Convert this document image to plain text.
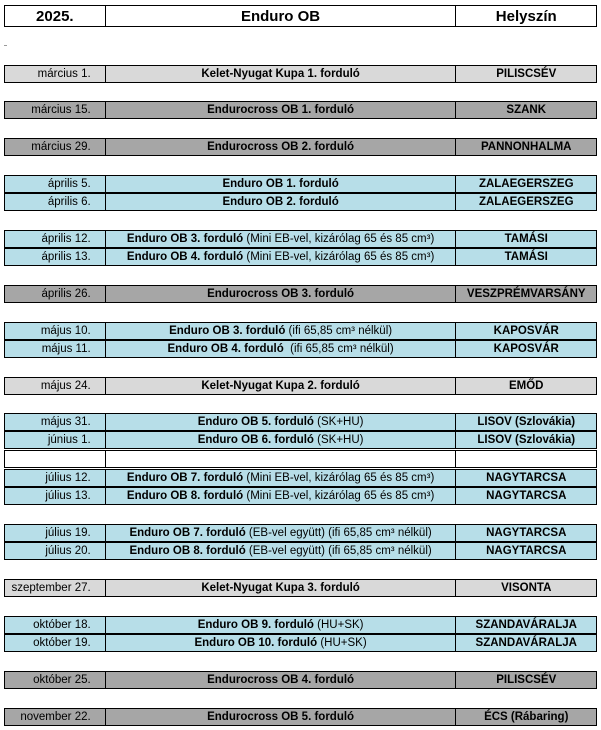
2025.	Enduro OB	Helyszín
március 1.	Kelet-Nyugat Kupa 1. forduló	PILISCSÉV
március 15.	Endurocross OB 1. forduló	SZANK
március 29.	Endurocross OB 2. forduló	PANNONHALMA
április 5.	Enduro OB 1. forduló	ZALAEGERSZEG
április 6.	Enduro OB 2. forduló	ZALAEGERSZEG
április 12.	Enduro OB 3. forduló (Mini EB-vel, kizárólag 65 és 85 cm³)	TAMÁSI
április 13.	Enduro OB 4. forduló (Mini EB-vel, kizárólag 65 és 85 cm³)	TAMÁSI
április 26.	Endurocross OB 3. forduló	VESZPRÉMVARSÁNY
május 10.	Enduro OB 3. forduló (ifi 65,85 cm³ nélkül)	KAPOSVÁR
május 11.	Enduro OB 4. forduló (ifi 65,85 cm³ nélkül)	KAPOSVÁR
május 24.	Kelet-Nyugat Kupa 2. forduló	EMŐD
május 31.	Enduro OB 5. forduló (SK+HU)	LISOV (Szlovákia)
június 1.	Enduro OB 6. forduló (SK+HU)	LISOV (Szlovákia)
július 12.	Enduro OB 7. forduló (Mini EB-vel, kizárólag 65 és 85 cm³)	NAGYTARCSA
július 13.	Enduro OB 8. forduló (Mini EB-vel, kizárólag 65 és 85 cm³)	NAGYTARCSA
július 19.	Enduro OB 7. forduló (EB-vel együtt) (ifi 65,85 cm³ nélkül)	NAGYTARCSA
július 20.	Enduro OB 8. forduló (EB-vel együtt) (ifi 65,85 cm³ nélkül)	NAGYTARCSA
szeptember 27.	Kelet-Nyugat Kupa 3. forduló	VISONTA
október 18.	Enduro OB 9. forduló (HU+SK)	SZANDAVÁRALJA
október 19.	Enduro OB 10. forduló (HU+SK)	SZANDAVÁRALJA
október 25.	Endurocross OB 4. forduló	PILISCSÉV
november 22.	Endurocross OB 5. forduló	ÉCS (Rábaring)
